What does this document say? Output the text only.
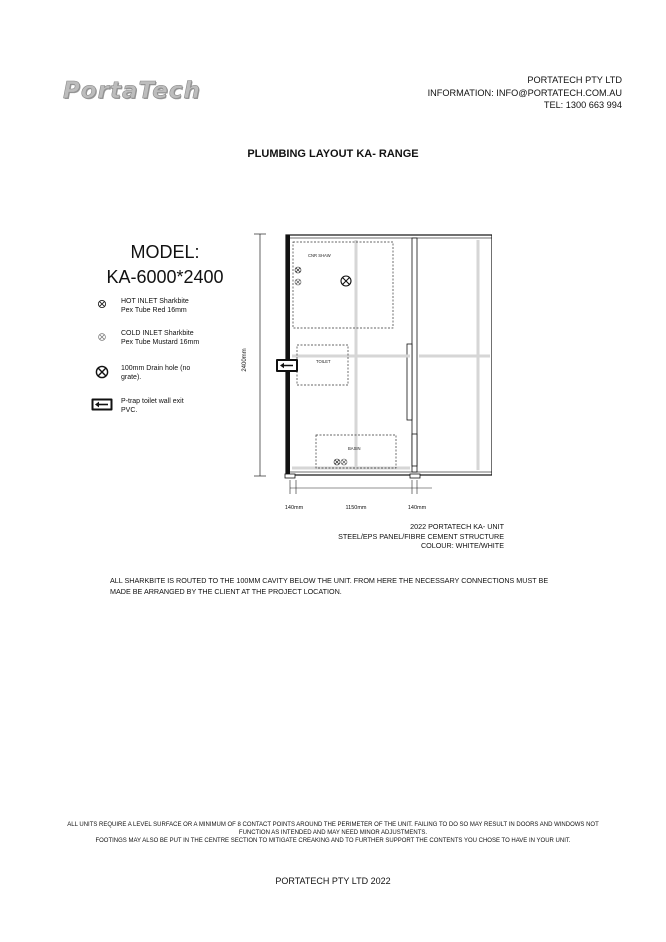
PortaTech	PORTATECH PTY LTD
INFORMATION: INFO@PORTATECH.COM.AU
TEL: 1300 663 994
PLUMBING LAYOUT KA- RANGE
MODEL:
KA-6000*2400
HOT INLET Sharkbite
Pex Tube Red 16mm
COLD INLET Sharkbite
Pex Tube Mustard 16mm
100mm Drain hole (no
grate).
P-trap toilet wall exit
PVC.
2400mm
CNR SHAW
TOILET
BASIN
140mm	1150mm	140mm
2022 PORTATECH KA- UNIT
STEEL/EPS PANEL/FIBRE CEMENT STRUCTURE
COLOUR: WHITE/WHITE
ALL SHARKBITE IS ROUTED TO THE 100MM CAVITY BELOW THE UNIT. FROM HERE THE NECESSARY CONNECTIONS MUST BE MADE BE ARRANGED BY THE CLIENT AT THE PROJECT LOCATION.
ALL UNITS REQUIRE A LEVEL SURFACE OR A MINIMUM OF 8 CONTACT POINTS AROUND THE PERIMETER OF THE UNIT. FAILING TO DO SO MAY RESULT IN DOORS AND WINDOWS NOT
FUNCTION AS INTENDED AND MAY NEED MINOR ADJUSTMENTS.
FOOTINGS MAY ALSO BE PUT IN THE CENTRE SECTION TO MITIGATE CREAKING AND TO FURTHER SUPPORT THE CONTENTS YOU CHOSE TO HAVE IN YOUR UNIT.
PORTATECH PTY LTD 2022
